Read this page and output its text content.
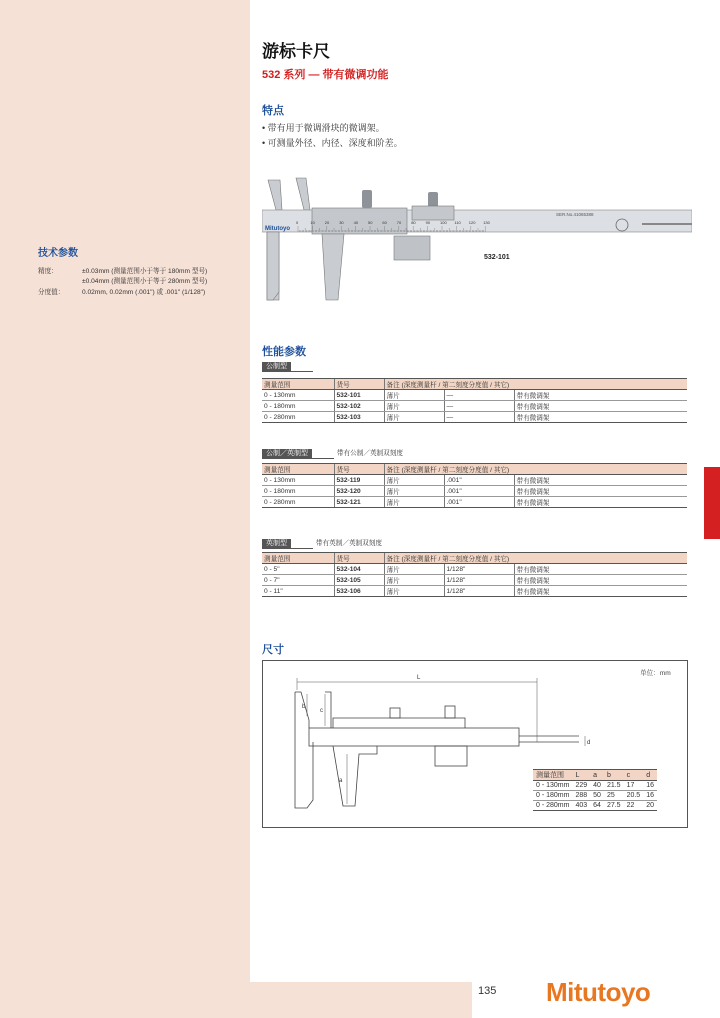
技术参数
精度：	±0.03mm (测量范围小于等于 180mm 型号)
±0.04mm (测量范围小于等于 280mm 型号)
分度值：	0.02mm, 0.02mm (.001") 或 .001" (1/128")
游标卡尺
532 系列 — 带有微调功能
特点
• 带有用于微调滑块的微调架。
• 可测量外径、内径、深度和阶差。
Mitutoyo
SER.No.41065388
0	10 20 30 40 50 60 70 80 90 100 110 120 130
532-101
性能参数
公制型
测量范围	货号	备注 (深度测量杆 / 第二刻度分度值 / 其它)		
0 - 130mm	532-101	薄片	—	带有微调架
0 - 180mm	532-102	薄片	—	带有微调架
0 - 280mm	532-103	薄片	—	带有微调架
公制／英制型	带有公制／英制双刻度
测量范围	货号	备注 (深度测量杆 / 第二刻度分度值 / 其它)		
0 - 130mm	532-119	薄片	.001"	带有微调架
0 - 180mm	532-120	薄片	.001"	带有微调架
0 - 280mm	532-121	薄片	.001"	带有微调架
英制型	带有英制／英制双刻度
测量范围	货号	备注 (深度测量杆 / 第二刻度分度值 / 其它)		
0 - 5"	532-104	薄片	1/128"	带有微调架
0 - 7"	532-105	薄片	1/128"	带有微调架
0 - 11"	532-106	薄片	1/128"	带有微调架
尺寸
单位：mm
L
a
b
c
d
测量范围	L	a	b	c	d
0 - 130mm	229	40	21.5	17	16
0 - 180mm	288	50	25	20.5	16
0 - 280mm	403	64	27.5	22	20
135 Mitutoyo
